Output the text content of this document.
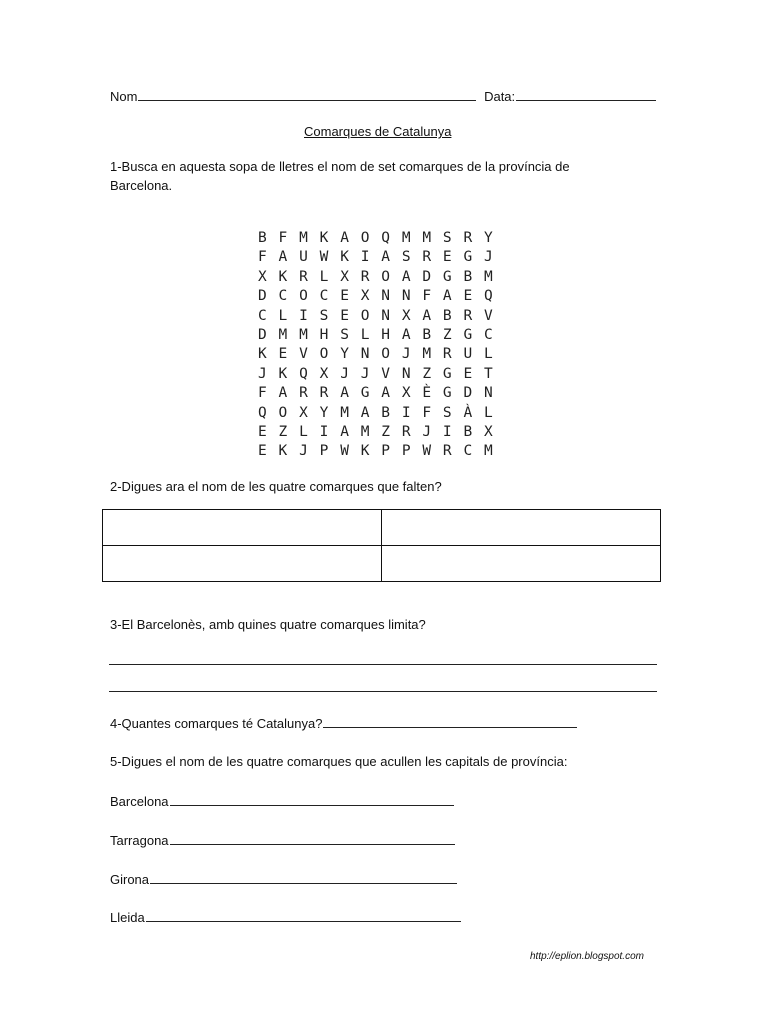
Nom	Data:
Comarques de Catalunya
1-Busca en aquesta sopa de lletres el nom de set comarques de la província de
Barcelona.
B F M K A O Q M M S R Y
F A U W K I A S R E G J
X K R L X R O A D G B M
D C O C E X N N F A E Q
C L I S E O N X A B R V
D M M H S L H A B Z G C
K E V O Y N O J M R U L
J K Q X J J V N Z G E T
F A R R A G A X È G D N
Q O X Y M A B I F S À L
E Z L I A M Z R J I B X
E K J P W K P P W R C M
2-Digues ara el nom de les quatre comarques que falten?

3-El Barcelonès, amb quines quatre comarques limita?
4-Quantes comarques té Catalunya?
5-Digues el nom de les quatre comarques que acullen les capitals de província:
Barcelona
Tarragona
Girona
Lleida
http://eplion.blogspot.com
